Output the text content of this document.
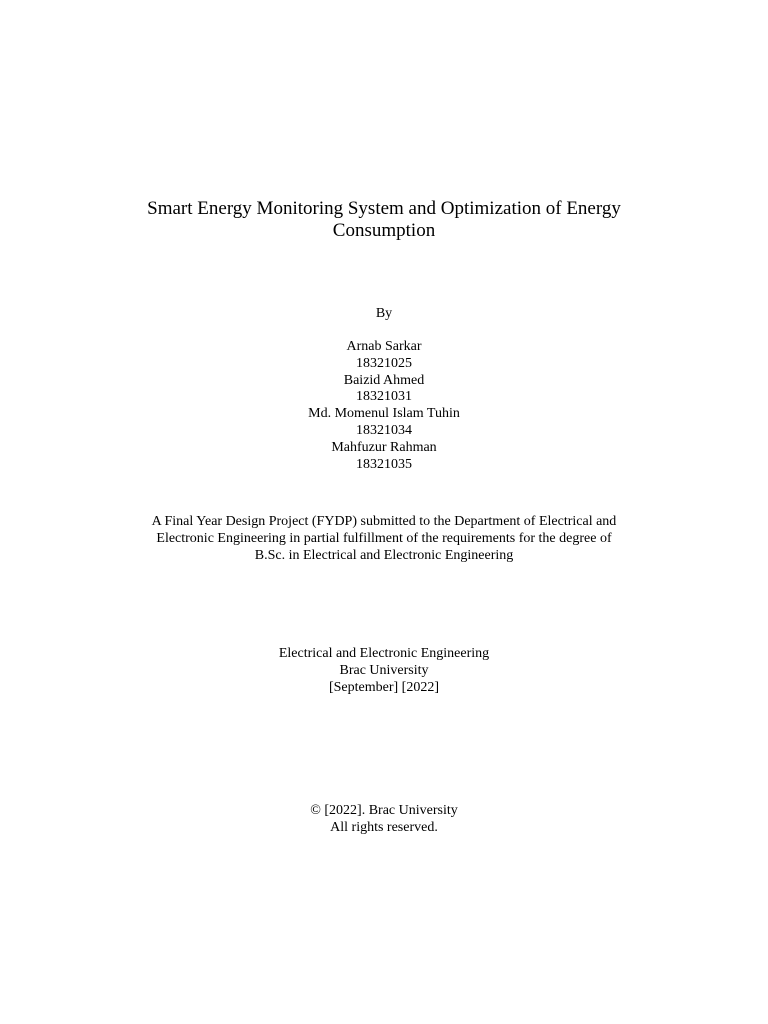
Smart Energy Monitoring System and Optimization of Energy
Consumption
By
Arnab Sarkar
18321025
Baizid Ahmed
18321031
Md. Momenul Islam Tuhin
18321034
Mahfuzur Rahman
18321035
A Final Year Design Project (FYDP) submitted to the Department of Electrical and
Electronic Engineering in partial fulfillment of the requirements for the degree of
B.Sc. in Electrical and Electronic Engineering
Electrical and Electronic Engineering
Brac University
[September] [2022]
© [2022]. Brac University
All rights reserved.
